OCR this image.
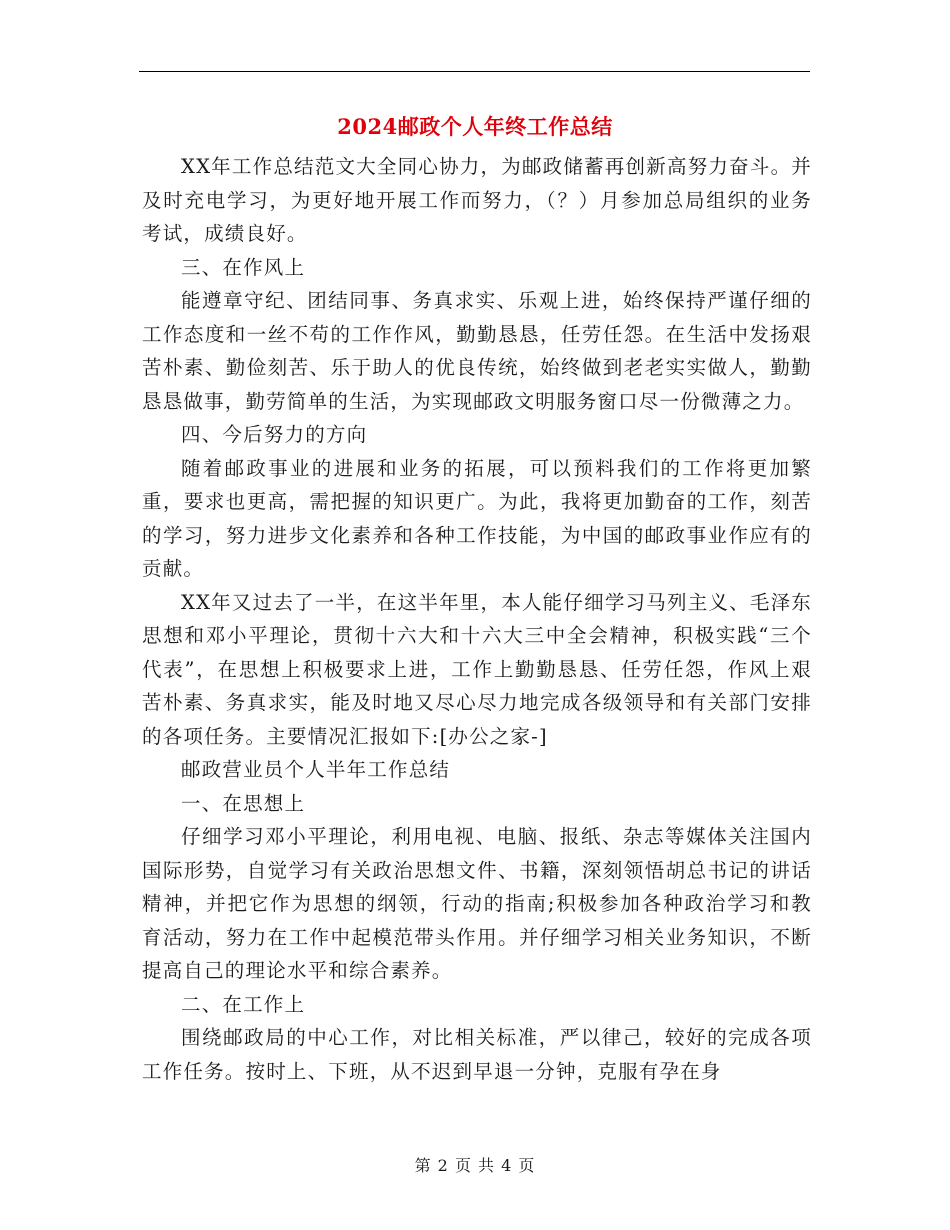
2024邮政个人年终工作总结

XX年工作总结范文大全同心协力，为邮政储蓄再创新高努力奋斗。并及时充电学习，为更好地开展工作而努力，（？）月参加总局组织的业务考试，成绩良好。

三、在作风上

能遵章守纪、团结同事、务真求实、乐观上进，始终保持严谨仔细的工作态度和一丝不苟的工作作风，勤勤恳恳，任劳任怨。在生活中发扬艰苦朴素、勤俭刻苦、乐于助人的优良传统，始终做到老老实实做人，勤勤恳恳做事，勤劳简单的生活，为实现邮政文明服务窗口尽一份微薄之力。

四、今后努力的方向

随着邮政事业的进展和业务的拓展，可以预料我们的工作将更加繁重，要求也更高，需把握的知识更广。为此，我将更加勤奋的工作，刻苦的学习，努力进步文化素养和各种工作技能，为中国的邮政事业作应有的贡献。

XX年又过去了一半，在这半年里，本人能仔细学习马列主义、毛泽东思想和邓小平理论，贯彻十六大和十六大三中全会精神，积极实践“三个代表”，在思想上积极要求上进，工作上勤勤恳恳、任劳任怨，作风上艰苦朴素、务真求实，能及时地又尽心尽力地完成各级领导和有关部门安排的各项任务。主要情况汇报如下:[办公之家-]

邮政营业员个人半年工作总结

一、在思想上

仔细学习邓小平理论，利用电视、电脑、报纸、杂志等媒体关注国内国际形势，自觉学习有关政治思想文件、书籍，深刻领悟胡总书记的讲话精神，并把它作为思想的纲领，行动的指南;积极参加各种政治学习和教育活动，努力在工作中起模范带头作用。并仔细学习相关业务知识，不断提高自己的理论水平和综合素养。

二、在工作上

围绕邮政局的中心工作，对比相关标准，严以律己，较好的完成各项工作任务。按时上、下班，从不迟到早退一分钟，克服有孕在身

第 2 页 共 4 页
